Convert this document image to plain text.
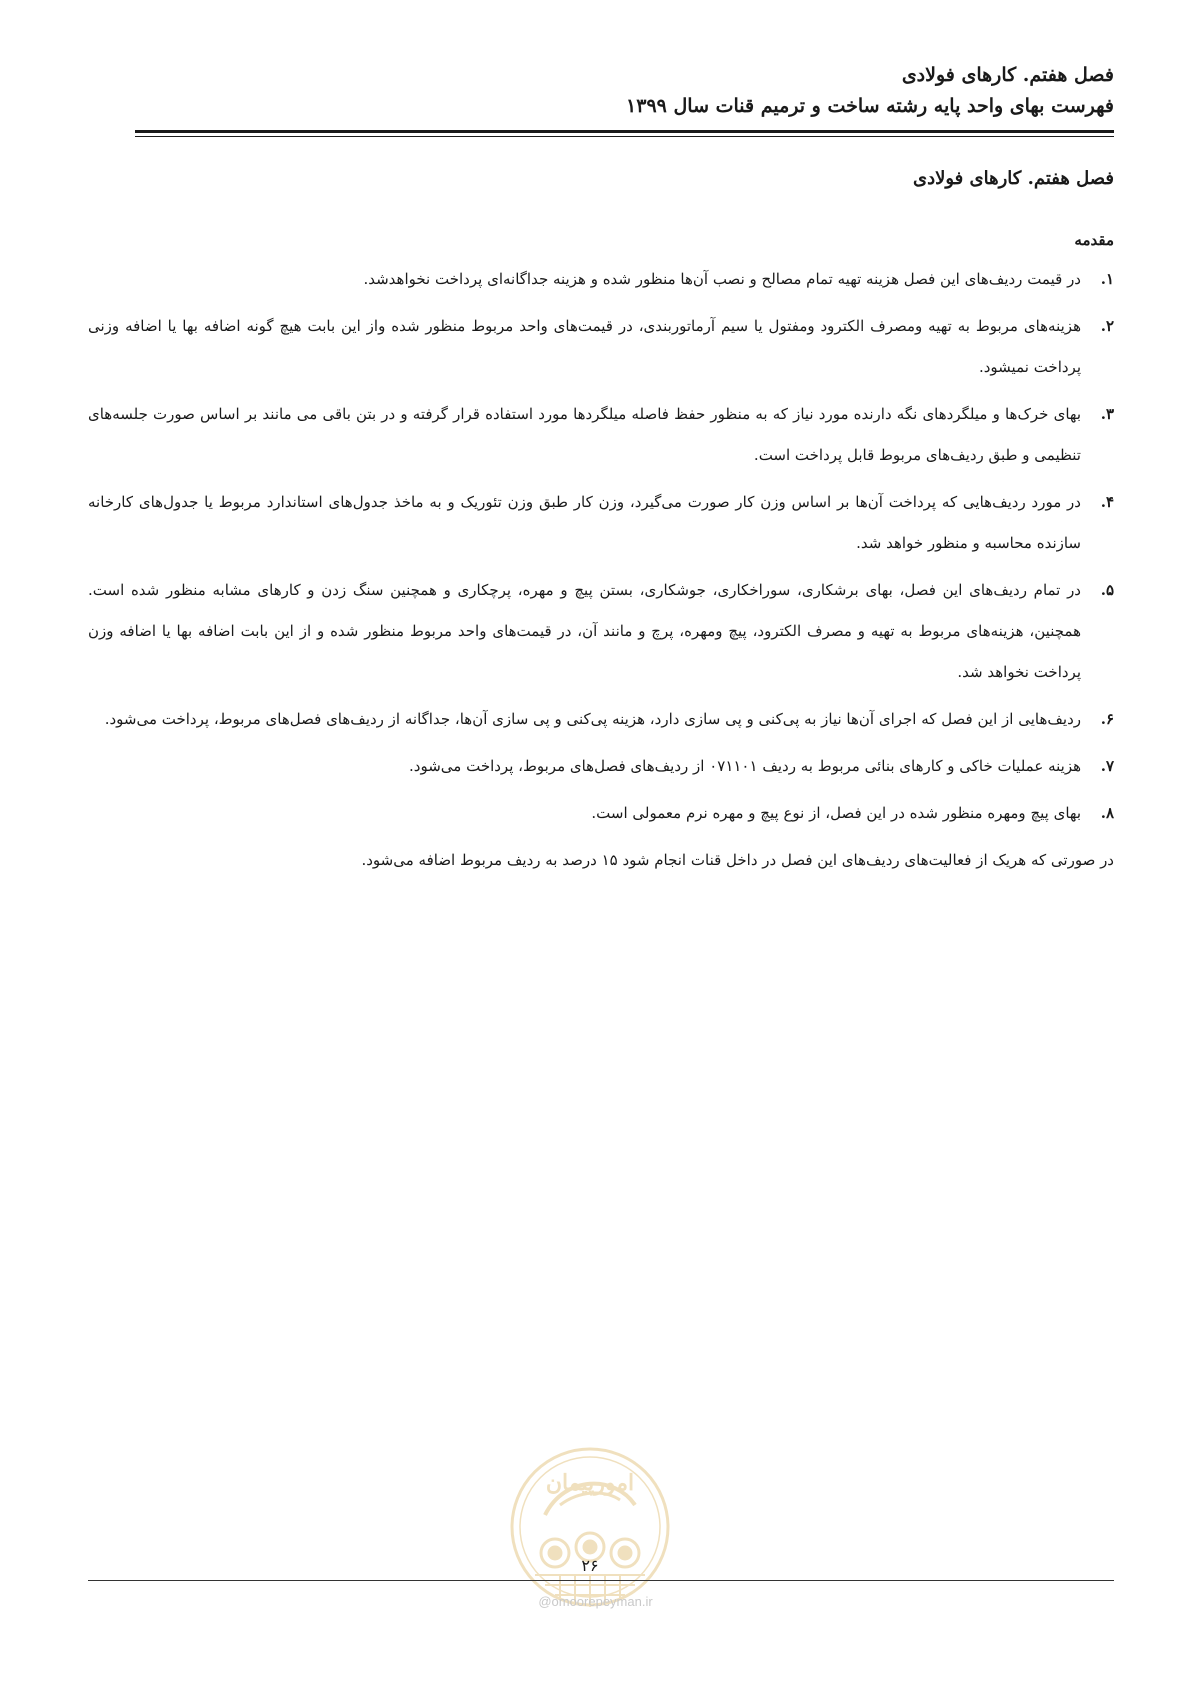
فصل هفتم. کارهای فولادی

فهرست بهای واحد پایه رشته ساخت و ترمیم قنات سال ۱۳۹۹

فصل هفتم. کارهای فولادی
مقدمه
۱.
در قیمت ردیف‌های این فصل هزینه تهیه تمام مصالح و نصب آن‌ها منظور شده و هزینه جداگانه‌ای پرداخت نخواهدشد.
۲.
هزینه‌های مربوط به تهیه ومصرف الکترود ومفتول یا سیم آرماتوربندی، در قیمت‌های واحد مربوط منظور شده واز این بابت هیچ گونه اضافه بها یا اضافه وزنی پرداخت نمیشود.
۳.
بهای خرک‌ها و میلگردهای نگه دارنده مورد نیاز که به منظور حفظ فاصله میلگردها مورد استفاده قرار گرفته و در بتن باقی می مانند بر اساس صورت جلسه‌های تنظیمی و طبق ردیف‌های مربوط قابل پرداخت است.
۴.
در مورد ردیف‌هایی که پرداخت آن‌ها بر اساس وزن کار صورت می‌گیرد، وزن کار طبق وزن تئوریک و به ماخذ جدول‌های استاندارد مربوط یا جدول‌های کارخانه سازنده محاسبه و منظور خواهد شد.
۵.
در تمام ردیف‌های این فصل، بهای برشکاری، سوراخکاری، جوشکاری، بستن پیچ و مهره، پرچکاری و همچنین سنگ زدن و کارهای مشابه منظور شده است. همچنین، هزینه‌های مربوط به تهیه و مصرف الکترود، پیچ ومهره، پرچ و مانند آن، در قیمت‌های واحد مربوط منظور شده و از این بابت اضافه بها یا اضافه وزن پرداخت نخواهد شد.
۶.
ردیف‌هایی از این فصل که اجرای آن‌ها نیاز به پی‌کنی و پی سازی دارد، هزینه پی‌کنی و پی سازی آن‌ها، جداگانه از ردیف‌های فصل‌های مربوط، پرداخت می‌شود.
۷.
هزینه عملیات خاکی و کارهای بنائی مربوط به ردیف ۰۷۱۱۰۱ از ردیف‌های فصل‌های مربوط، پرداخت می‌شود.
۸.
بهای پیچ ومهره منظور شده در این فصل، از نوع پیچ و مهره نرم معمولی است.

در صورتی که هریک از فعالیت‌های ردیف‌های این فصل در داخل قنات انجام شود ۱۵ درصد به ردیف مربوط اضافه می‌شود.

امورپیمان
۲۶
@omoorepeyman.ir
